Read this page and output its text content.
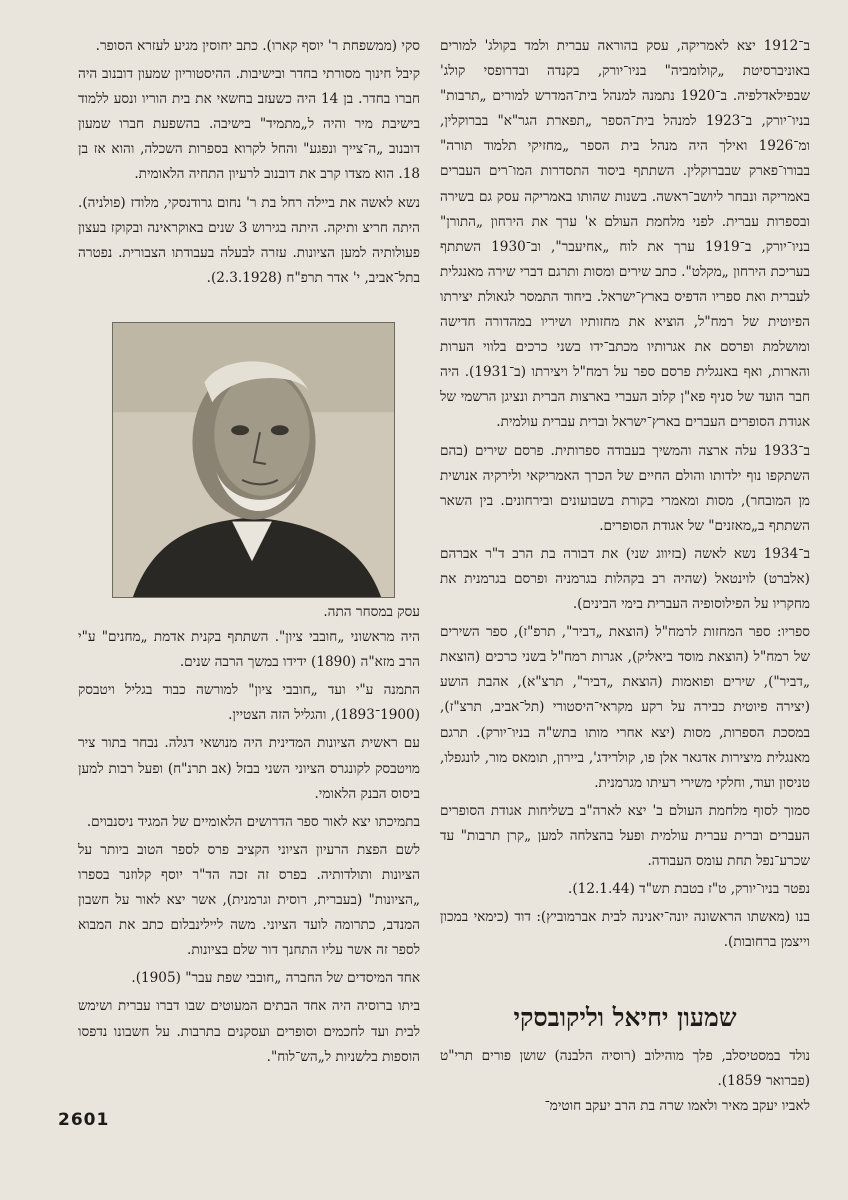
ב־1912 יצא לאמריקה, עסק בהוראה עברית ולמד בקולג' למורים באוניברסיטת „קולומביה" בניו־יורק, בקנדה ובדרופסי קולג' שבפילאדלפיה. ב־1920 נתמנה למנהל בית־המדרש למורים „תרבות" בניו־יורק, ב־1923 למנהל בית־הספר „תפארת הגר"א" בברוקלין, ומ־1926 ואילך היה מנהל בית הספר „מחזיקי תלמוד תורה" בבורו־פארק שבברוקלין. השתתף ביסוד התסדרות המו־רים העברים באמריקה ונבחר ליושב־ראשה. בשנות שהותו באמריקה עסק גם בשירה ובספרות עברית. לפני מלחמת העולם א' ערך את הירחון „התורן" בניו־יורק, ב־1919 ערך את לוח „אחיעבר", וב־1930 השתתף בעריכת הירחון „מקלט". כתב שירים ומסות ותרגם דברי שירה מאנגלית לעברית ואת ספריו הדפיס בארץ־ישראל. ביחוד התמסר לגאולת יצירתו הפיוטית של רמח"ל, הוציא את מחזותיו ושיריו במהדורה חדישה ומושלמת ופרסם את אגרותיו מכתב־ידו בשני כרכים בלווי הערות והארות, ואף באנגלית פרסם ספר על רמח"ל ויצירתו (ב־1931). היה חבר הועד של סניף פא"ן קלוב העברי בארצות הברית ונציגן הרשמי של אגודת הסופרים העברים בארץ־ישראל וברית עברית עולמית.

ב־1933 עלה ארצה והמשיך בעבודה ספרותית. פרסם שירים (בהם השתקפו נוף ילדותו והולם החיים של הכרך האמריקאי ולירקיה אנושית מן המובחר), מסות ומאמרי בקורת בשבועונים ובירחונים. בין השאר השתתף ב„מאזנים" של אגודת הסופרים.

ב־1934 נשא לאשה (בזיווג שני) את דבורה בת הרב ד"ר אברהם (אלברט) לוינטאל (שהיה רב בקהלות בגרמניה ופרסם בגרמנית את מחקריו על הפילוסופיה העברית בימי הבינים).

ספריו: ספר המחזות לרמח"ל (הוצאת „דביר", תרפ"ז), ספר השירים של רמח"ל (הוצאת מוסד ביאליק), אגרות רמח"ל בשני כרכים (הוצאת „דביר"), שירים ופואמות (הוצאת „דביר", תרצ"א), אהבת הושע (יצירה פיוטית כבירה על רקע מקראי־היסטורי (תל־אביב, תרצ"ז), במסכת הספרות, מסות (יצא אחרי מותו בתש"ה בניו־יורק). תרגם מאנגלית מיצירות אדגאר אלן פו, קולרידג', ביירון, תומאס מור, לונגפלו, טניסון ועוד, וחלקי משירי רעיתו מגרמנית.

סמוך לסוף מלחמת העולם ב' יצא לארה"ב בשליחות אגודת הסופרים העברים וברית עברית עולמית ופעל בהצלחה למען „קרן תרבות" עד שכרע־נפל תחת עומס העבודה.

נפטר בניו־יורק, ט"ז בטבת תש"ד (12.1.44).

בנו (מאשתו הראשונה יונה־יאנינה לבית אברמוביץ): דוד (כימאי במכון וייצמן ברחובות).

סקי (ממשפחת ר' יוסף קארו). כתב יחוסין מגיע לעזרא הסופר.

קיבל חינוך מסורתי בחדר ובישיבות. ההיסטוריון שמעון דובנוב היה חברו בחדר. בן 14 היה כשעזב בחשאי את בית הוריו ונסע ללמוד בישיבת מיר והיה ל„מתמיד" בישיבה. בהשפעת חברו שמעון דובנוב „ה־צייך ונפגע" והחל לקרוא בספרות השכלה, והוא אז בן 18. הוא מצדו קרב את דובנוב לרעיון התחיה הלאומית.

נשא לאשה את ביילה רחל בת ר' נחום גרודנסקי, מלודז (פולניה). היתה חריצ ותיקה. היתה בגירוש 3 שנים באוקראינה ובקוקז בעצון פעולותיה למען הציונות. עזרה לבעלה בעבודתו הצבורית. נפטרה בתל־אביב, י' אדר תרפ"ח (2.3.1928).

עסק במסחר התה.

היה מראשוני „חובבי ציון". השתתף בקנית אדמת „מחנים" ע"י הרב מזא"ה (1890) ידידו במשך הרבה שנים.

התמנה ע"י ועד „חובבי ציון" למורשה כבוד בגליל ויטבסק (1900־1893), והגליל הזה הצטיין.

עם ראשית הציונות המדינית היה מנושאי דגלה. נבחר בתור ציר מויטבסק לקונגרס הציוני השני בבזל (אב תרנ"ח) ופעל רבות למען ביסוס הבנק הלאומי.

בתמיכתו יצא לאור ספר הדרושים הלאומיים של המגיד ניסנבוים.

לשם הפצת הרעיון הציוני הקציב פרס לספר הטוב ביותר על הציונות ותולדותיה. בפרס זה זכה הד"ר יוסף קלוזנר בספרו „הציונות" (בעברית, רוסית וגרמנית), אשר יצא לאור על חשבון המנדב, כתרומה לועד הציוני. משה ליילינבלום כתב את המבוא לספר זה אשר עליו התחנך דור שלם בציונות.

אחד המיסדים של החברה „חובבי שפת עבר" (1905).

ביתו ברוסיה היה אחד הבתים המעוטים שבו דברו עברית ושימש לבית ועד לחכמים וסופרים ועסקנים בתרבות. על חשבונו נדפסו הוספות בלשניות ל„הש־לוח".

שמעון יחיאל וליקובסקי

נולד במסטיסלב, פלך מוהילוב (רוסיה הלבנה) שושן פורים תרי"ט (פברואר 1859).

לאביו יעקב מאיר ולאמו שרה בת הרב יעקב חוטימ־

2601
